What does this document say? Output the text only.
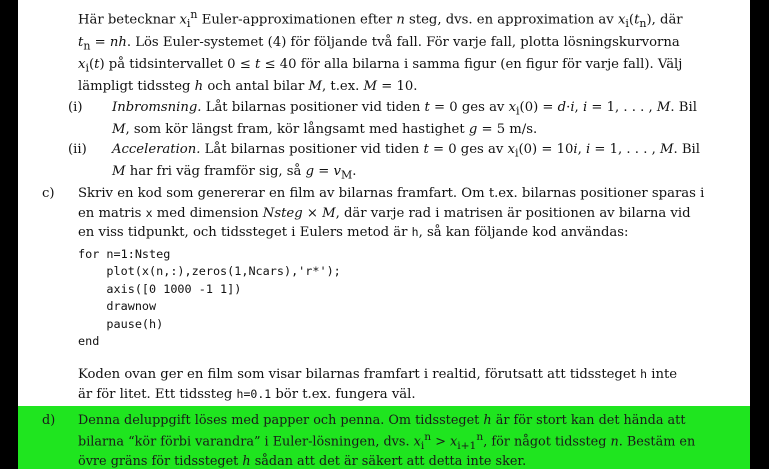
Här betecknar $x_i^n$ Euler-approximationen efter n steg, dvs. en approximation av $x_i(t_n)$, där $t_n$ = nh. Lös Euler-systemet (4) för följande två fall. För varje fall, plotta lösningskurvorna $x_i(t)$ på tidsintervallet 0 ≤ t ≤ 40 för alla bilarna i samma figur (en figur för varje fall). Välj lämpligt tidssteg h och antal bilar M, t.ex. M = 10.

(i) Inbromsning. Låt bilarnas positioner vid tiden t = 0 ges av $x_i(0) = d\cdot i$, i = 1, . . . , M. Bil M, som kör längst fram, kör långsamt med hastighet g = 5 m/s.
(ii) Acceleration. Låt bilarnas positioner vid tiden t = 0 ges av $x_i(0) = 10i$, i = 1, . . . , M. Bil M har fri väg framför sig, så $g = v_M$.
c) Skriv en kod som genererar en film av bilarnas framfart. Om t.ex. bilarnas positioner sparas i en matris x med dimension Nsteg × M, där varje rad i matrisen är positionen av bilarna vid en viss tidpunkt, och tidssteget i Eulers metod är h, så kan följande kod användas:
for n=1:Nsteg
plot(x(n,:),zeros(1,Ncars),'r*');
axis([0 1000 -1 1])
drawnow
pause(h)
end

Koden ovan ger en film som visar bilarnas framfart i realtid, förutsatt att tidssteget h inte är för litet. Ett tidssteg h=0.1 bör t.ex. fungera väl.

d) Denna deluppgift löses med papper och penna. Om tidssteget h är för stort kan det hända att bilarna “kör förbi varandra” i Euler-lösningen, dvs. $x_i^n > x_{i+1}^n$, för något tidssteg n. Bestäm en övre gräns för tidssteget h sådan att det är säkert att detta inte sker.
